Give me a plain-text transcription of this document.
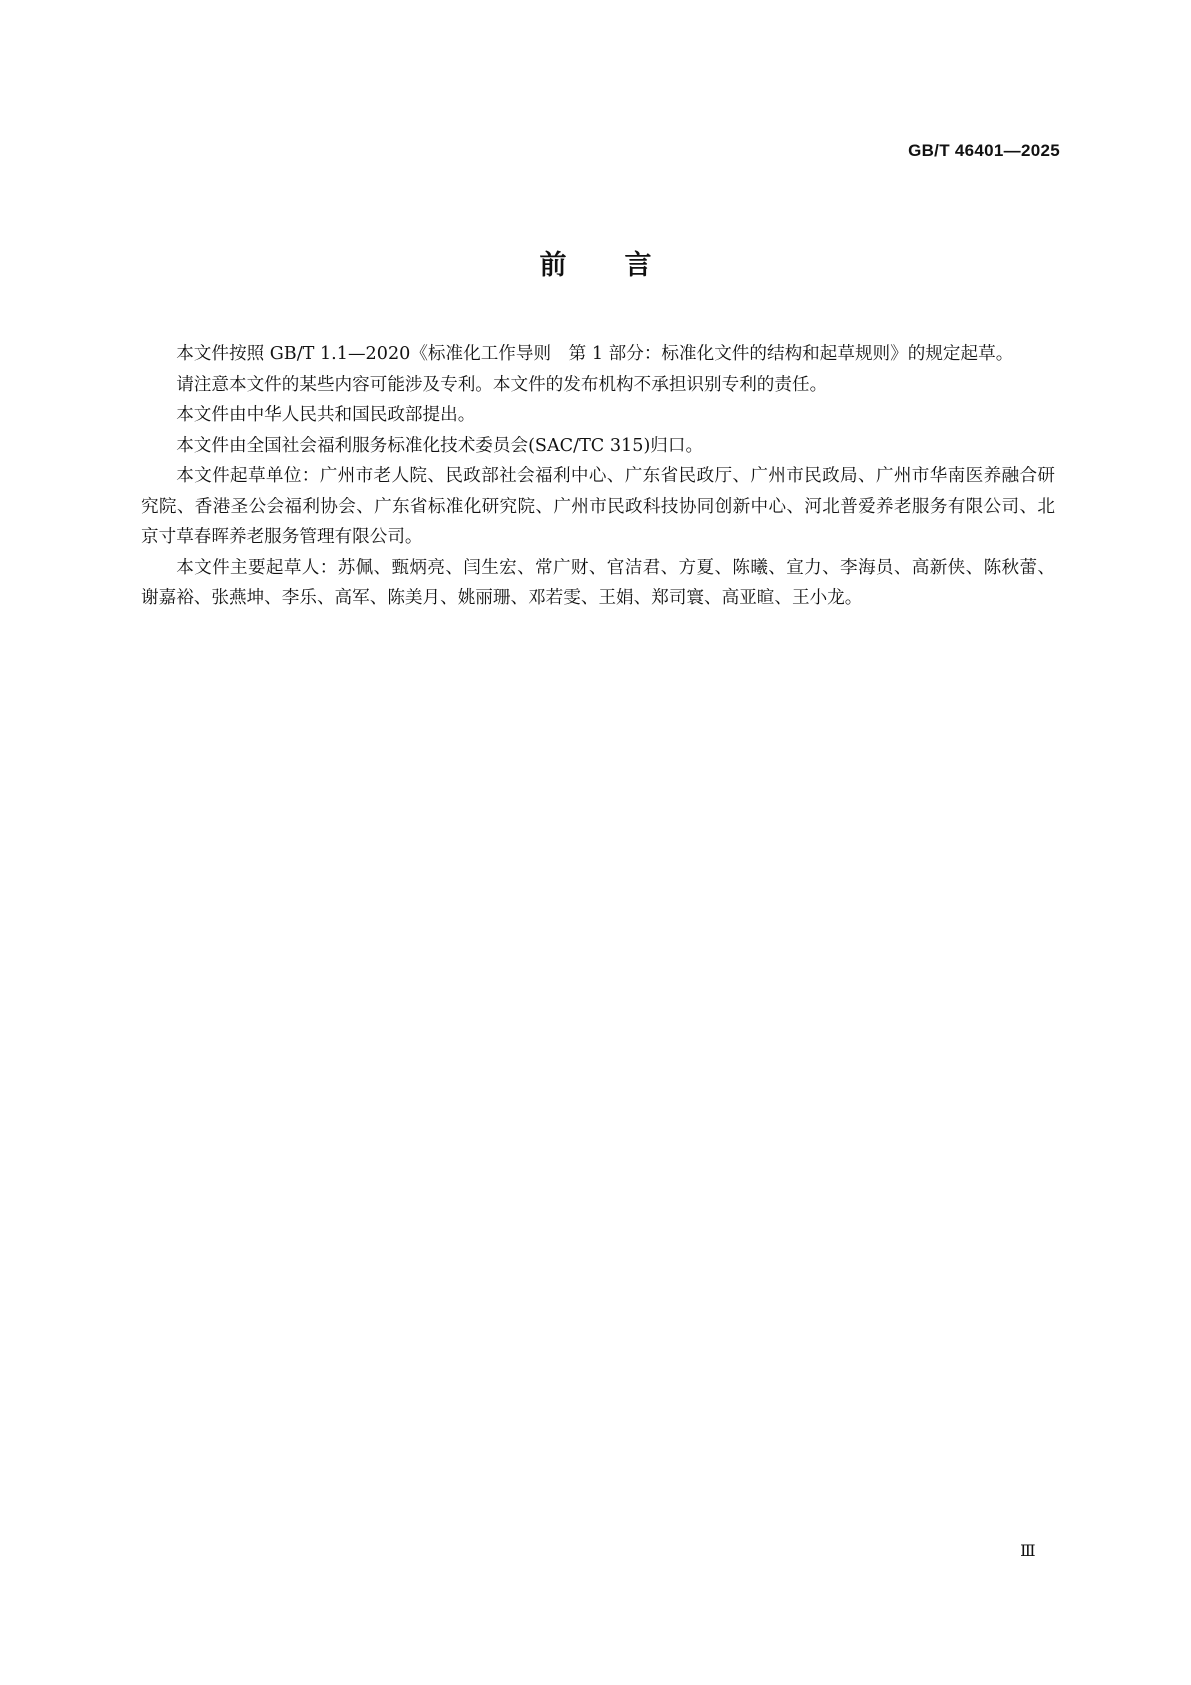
GB/T 46401—2025
前言

本文件按照 GB/T 1.1—2020《标准化工作导则　第 1 部分：标准化文件的结构和起草规则》的规定起草。

请注意本文件的某些内容可能涉及专利。本文件的发布机构不承担识别专利的责任。

本文件由中华人民共和国民政部提出。

本文件由全国社会福利服务标准化技术委员会(SAC/TC 315)归口。

本文件起草单位：广州市老人院、民政部社会福利中心、广东省民政厅、广州市民政局、广州市华南医养融合研究院、香港圣公会福利协会、广东省标准化研究院、广州市民政科技协同创新中心、河北普爱养老服务有限公司、北京寸草春晖养老服务管理有限公司。

本文件主要起草人：苏佩、甄炳亮、闫生宏、常广财、官洁君、方夏、陈曦、宣力、李海员、高新侠、陈秋蕾、谢嘉裕、张燕坤、李乐、高军、陈美月、姚丽珊、邓若雯、王娟、郑司寰、高亚暄、王小龙。

Ⅲ
